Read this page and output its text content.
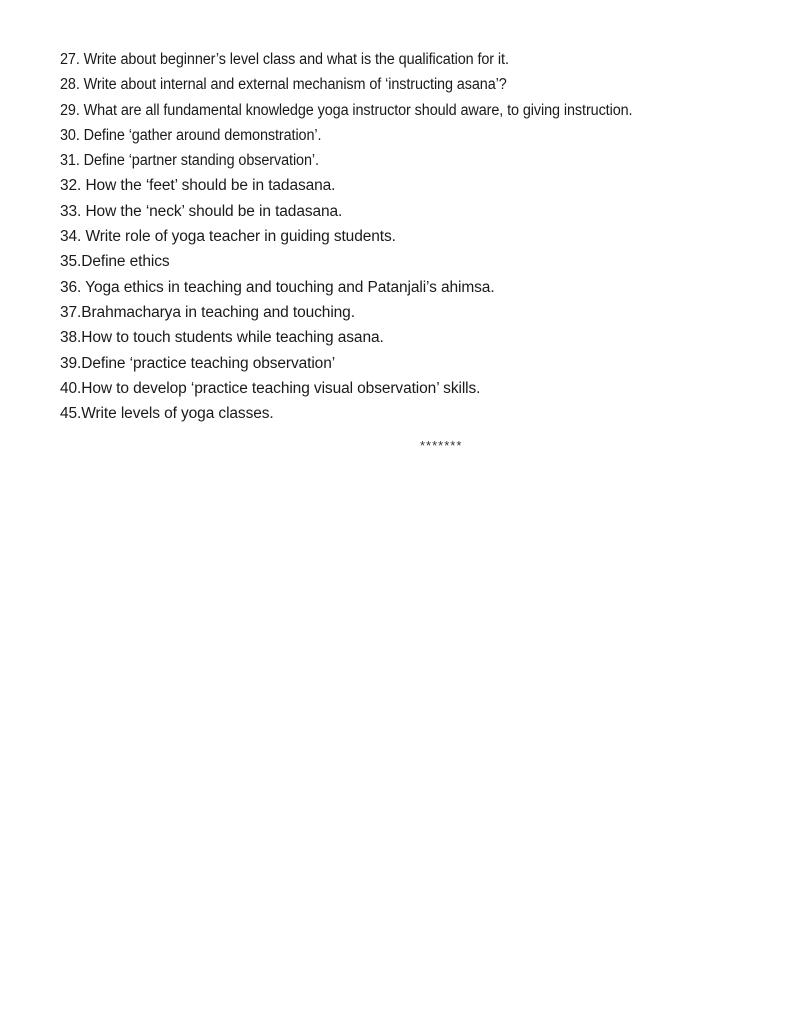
27. Write about beginner’s level class and what is the qualification for it.
28. Write about internal and external mechanism of ‘instructing asana’?
29. What are all fundamental knowledge yoga instructor should aware, to giving instruction.
30. Define ‘gather around demonstration’.
31. Define ‘partner standing observation’.
32. How the ‘feet’ should be in tadasana.
33. How the ‘neck’ should be in tadasana.
34. Write role of yoga teacher in guiding students.
35.Define ethics
36. Yoga ethics in teaching and touching and Patanjali’s ahimsa.
37.Brahmacharya in teaching and touching.
38.How to touch students while teaching asana.
39.Define ‘practice teaching observation’
40.How to develop ‘practice teaching visual observation’ skills.
45.Write levels of yoga classes.
*******
